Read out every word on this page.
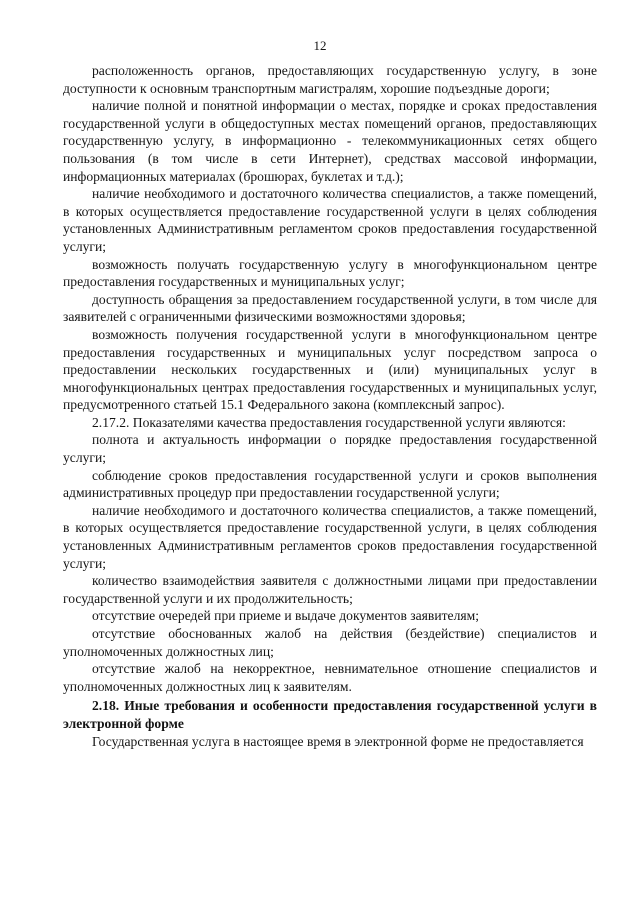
12

расположенность органов, предоставляющих государственную услугу, в зоне доступности к основным транспортным магистралям, хорошие подъездные дороги;

наличие полной и понятной информации о местах, порядке и сроках предоставления государственной услуги в общедоступных местах помещений органов, предоставляющих государственную услугу, в информационно - телекоммуникационных сетях общего пользования (в том числе в сети Интернет), средствах массовой информации, информационных материалах (брошюрах, буклетах и т.д.);

наличие необходимого и достаточного количества специалистов, а также помещений, в которых осуществляется предоставление государственной услуги в целях соблюдения установленных Административным регламентом сроков предоставления государственной услуги;

возможность получать государственную услугу в многофункциональном центре предоставления государственных и муниципальных услуг;

доступность обращения за предоставлением государственной услуги, в том числе для заявителей с ограниченными физическими возможностями здоровья;

возможность получения государственной услуги в многофункциональном центре предоставления государственных и муниципальных услуг посредством запроса о предоставлении нескольких государственных и (или) муниципальных услуг в многофункциональных центрах предоставления государственных и муниципальных услуг, предусмотренного статьей 15.1 Федерального закона (комплексный запрос).

2.17.2. Показателями качества предоставления государственной услуги являются:

полнота и актуальность информации о порядке предоставления государственной услуги;

соблюдение сроков предоставления государственной услуги и сроков выполнения административных процедур при предоставлении государственной услуги;

наличие необходимого и достаточного количества специалистов, а также помещений, в которых осуществляется предоставление государственной услуги, в целях соблюдения установленных Административным регламентов сроков предоставления государственной услуги;

количество взаимодействия заявителя с должностными лицами при предоставлении государственной услуги и их продолжительность;

отсутствие очередей при приеме и выдаче документов заявителям;

отсутствие обоснованных жалоб на действия (бездействие) специалистов и уполномоченных должностных лиц;

отсутствие жалоб на некорректное, невнимательное отношение специалистов и уполномоченных должностных лиц к заявителям.

2.18. Иные требования и особенности предоставления государственной услуги в электронной форме

Государственная услуга в настоящее время в электронной форме не предоставляется
